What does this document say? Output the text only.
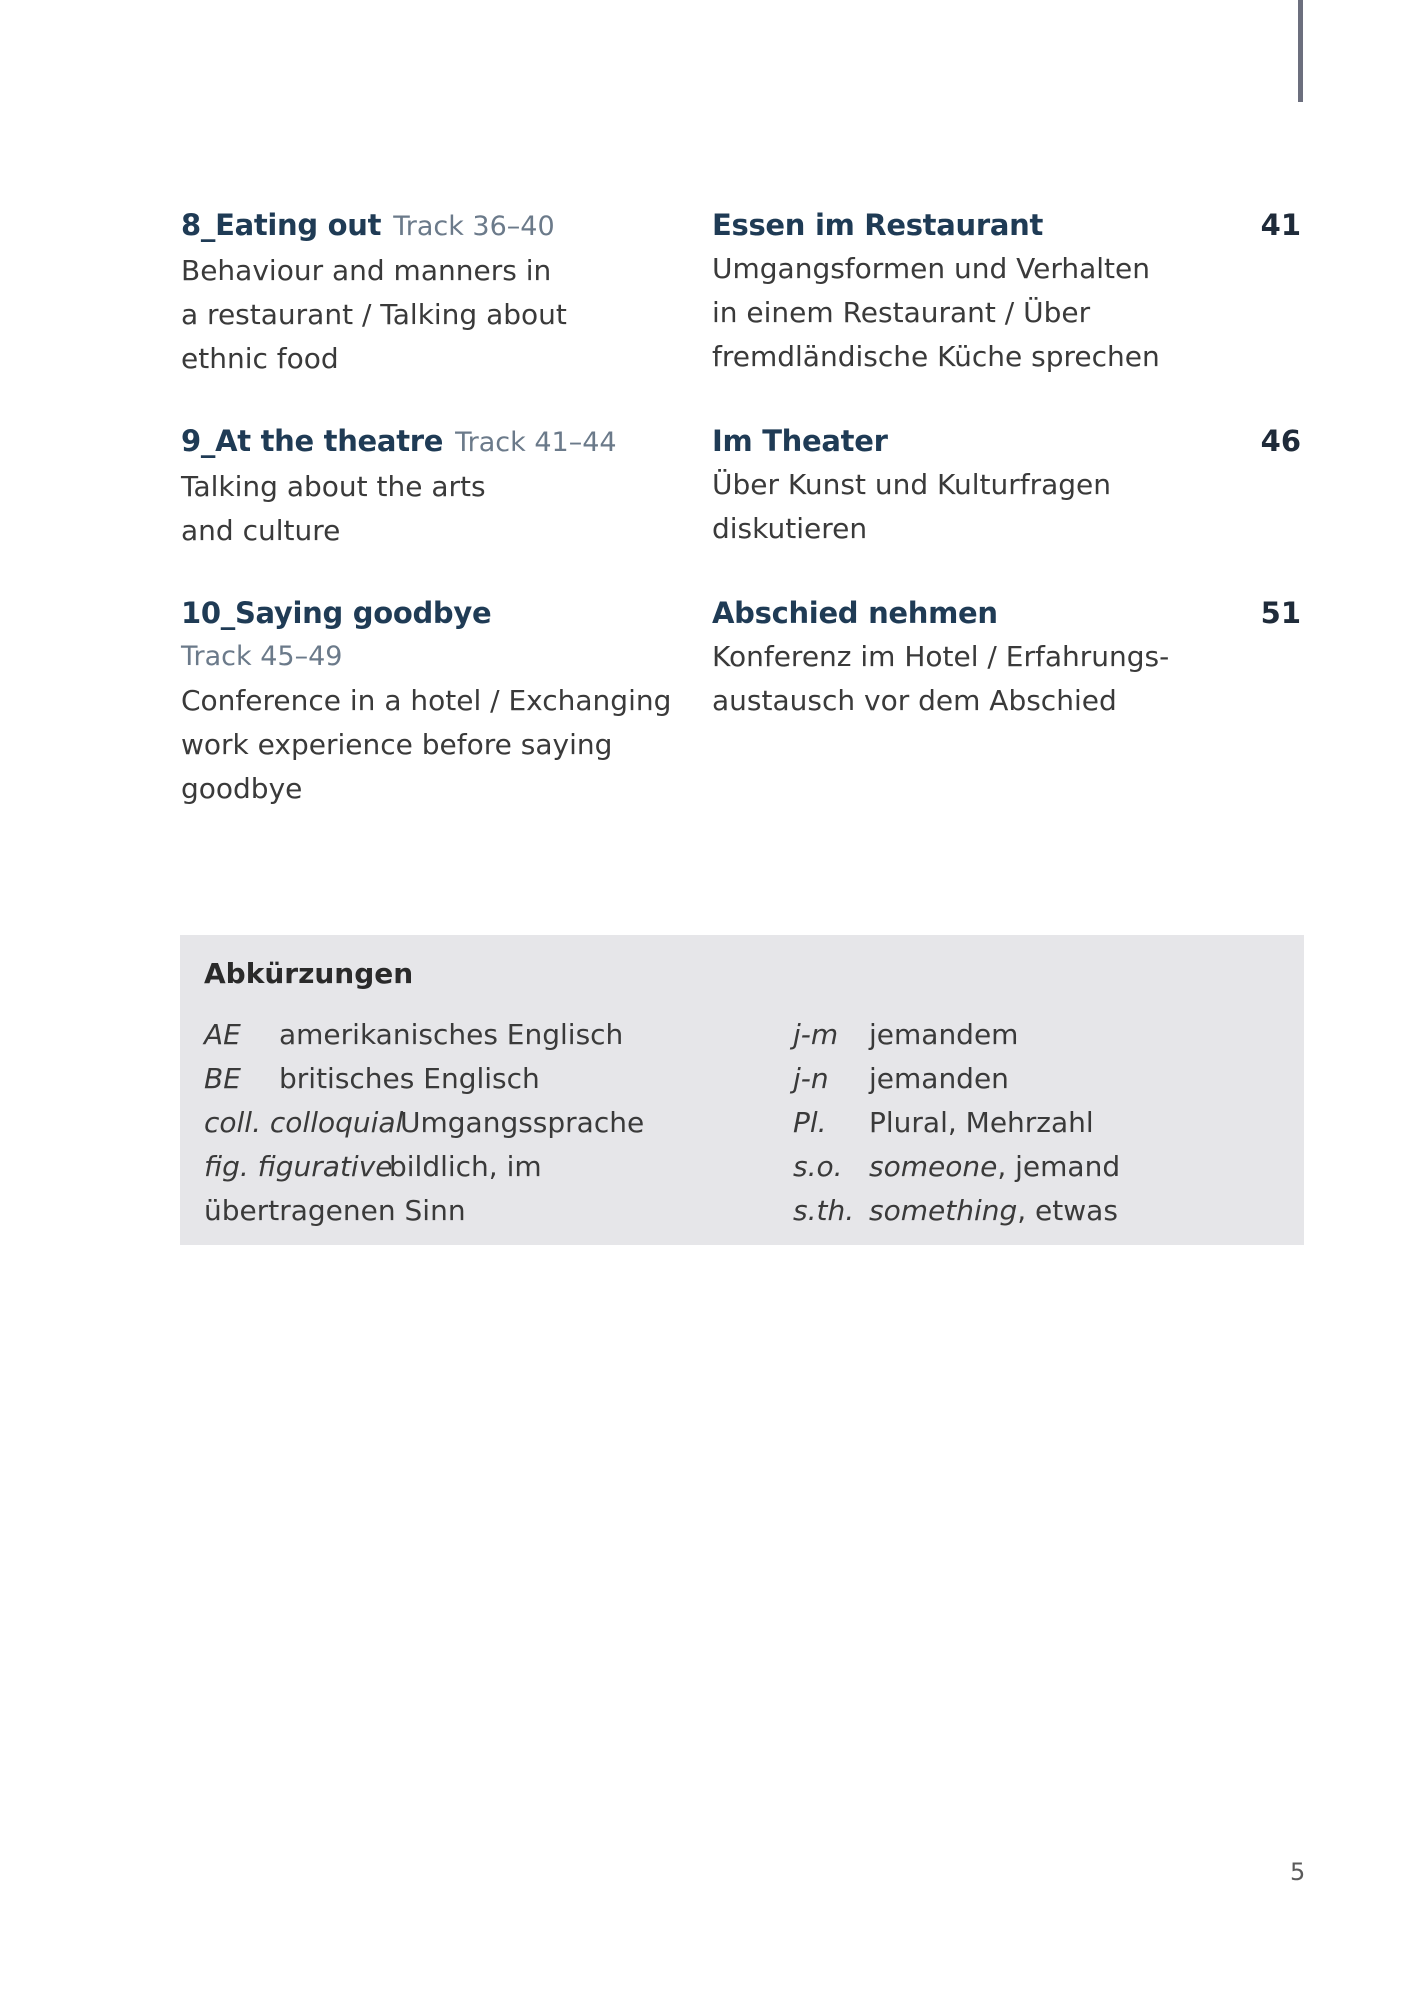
8_Eating out Track 36–40
Behaviour and manners in
a restaurant / Talking about
ethnic food
Essen im Restaurant
Umgangsformen und Verhalten
in einem Restaurant / Über
fremdländische Küche sprechen
41
9_At the theatre Track 41–44
Talking about the arts
and culture
Im Theater
Über Kunst und Kulturfragen
diskutieren
46
10_Saying goodbye
Track 45–49
Conference in a hotel / Exchanging
work experience before saying
goodbye
Abschied nehmen
Konferenz im Hotel / Erfahrungs-
austausch vor dem Abschied
51
Abkürzungen
AE amerikanisches Englisch
BE britisches Englisch
coll. colloquial
Umgangssprache
fig. figurative
bildlich, im
übertragenen Sinn
j-m jemandem
j-n jemanden
Pl. Plural, Mehrzahl
s.o. someone, jemand
s.th. something, etwas
5
